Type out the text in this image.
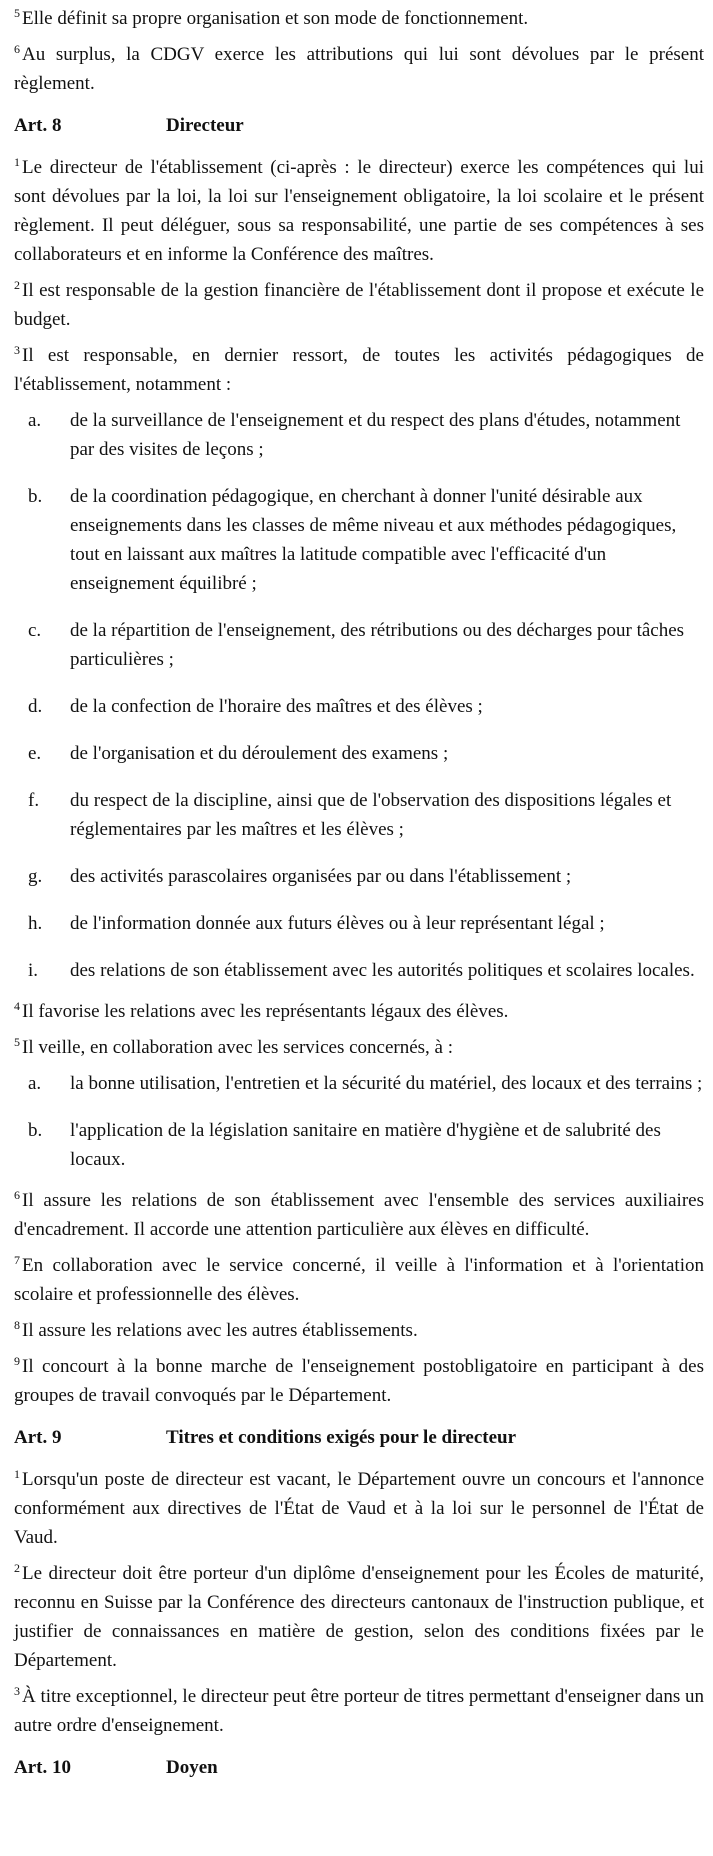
$^5$ Elle définit sa propre organisation et son mode de fonctionnement.

$^6$ Au surplus, la CDGV exerce les attributions qui lui sont dévolues par le présent règlement.

Art. 8	Directeur

$^1$ Le directeur de l'établissement (ci-après : le directeur) exerce les compétences qui lui sont dévolues par la loi, la loi sur l'enseignement obligatoire, la loi scolaire et le présent règlement. Il peut déléguer, sous sa responsabilité, une partie de ses compétences à ses collaborateurs et en informe la Conférence des maîtres.

$^2$ Il est responsable de la gestion financière de l'établissement dont il propose et exécute le budget.

$^3$ Il est responsable, en dernier ressort, de toutes les activités pédagogiques de l'établissement, notamment :

a.	de la surveillance de l'enseignement et du respect des plans d'études, notamment par des visites de leçons ;
b.	de la coordination pédagogique, en cherchant à donner l'unité désirable aux enseignements dans les classes de même niveau et aux méthodes pédagogiques, tout en laissant aux maîtres la latitude compatible avec l'efficacité d'un enseignement équilibré ;
c.	de la répartition de l'enseignement, des rétributions ou des décharges pour tâches particulières ;
d.	de la confection de l'horaire des maîtres et des élèves ;
e.	de l'organisation et du déroulement des examens ;
f.	du respect de la discipline, ainsi que de l'observation des dispositions légales et réglementaires par les maîtres et les élèves ;
g.	des activités parascolaires organisées par ou dans l'établissement ;
h.	de l'information donnée aux futurs élèves ou à leur représentant légal ;
i.	des relations de son établissement avec les autorités politiques et scolaires locales.

$^4$ Il favorise les relations avec les représentants légaux des élèves.

$^5$ Il veille, en collaboration avec les services concernés, à :

a.	la bonne utilisation, l'entretien et la sécurité du matériel, des locaux et des terrains ;
b.	l'application de la législation sanitaire en matière d'hygiène et de salubrité des locaux.

$^6$ Il assure les relations de son établissement avec l'ensemble des services auxiliaires d'encadrement. Il accorde une attention particulière aux élèves en difficulté.

$^7$ En collaboration avec le service concerné, il veille à l'information et à l'orientation scolaire et professionnelle des élèves.

$^8$ Il assure les relations avec les autres établissements.

$^9$ Il concourt à la bonne marche de l'enseignement postobligatoire en participant à des groupes de travail convoqués par le Département.

Art. 9	Titres et conditions exigés pour le directeur

$^1$ Lorsqu'un poste de directeur est vacant, le Département ouvre un concours et l'annonce conformément aux directives de l'État de Vaud et à la loi sur le personnel de l'État de Vaud.

$^2$ Le directeur doit être porteur d'un diplôme d'enseignement pour les Écoles de maturité, reconnu en Suisse par la Conférence des directeurs cantonaux de l'instruction publique, et justifier de connaissances en matière de gestion, selon des conditions fixées par le Département.

$^3$ À titre exceptionnel, le directeur peut être porteur de titres permettant d'enseigner dans un autre ordre d'enseignement.

Art. 10	Doyen
